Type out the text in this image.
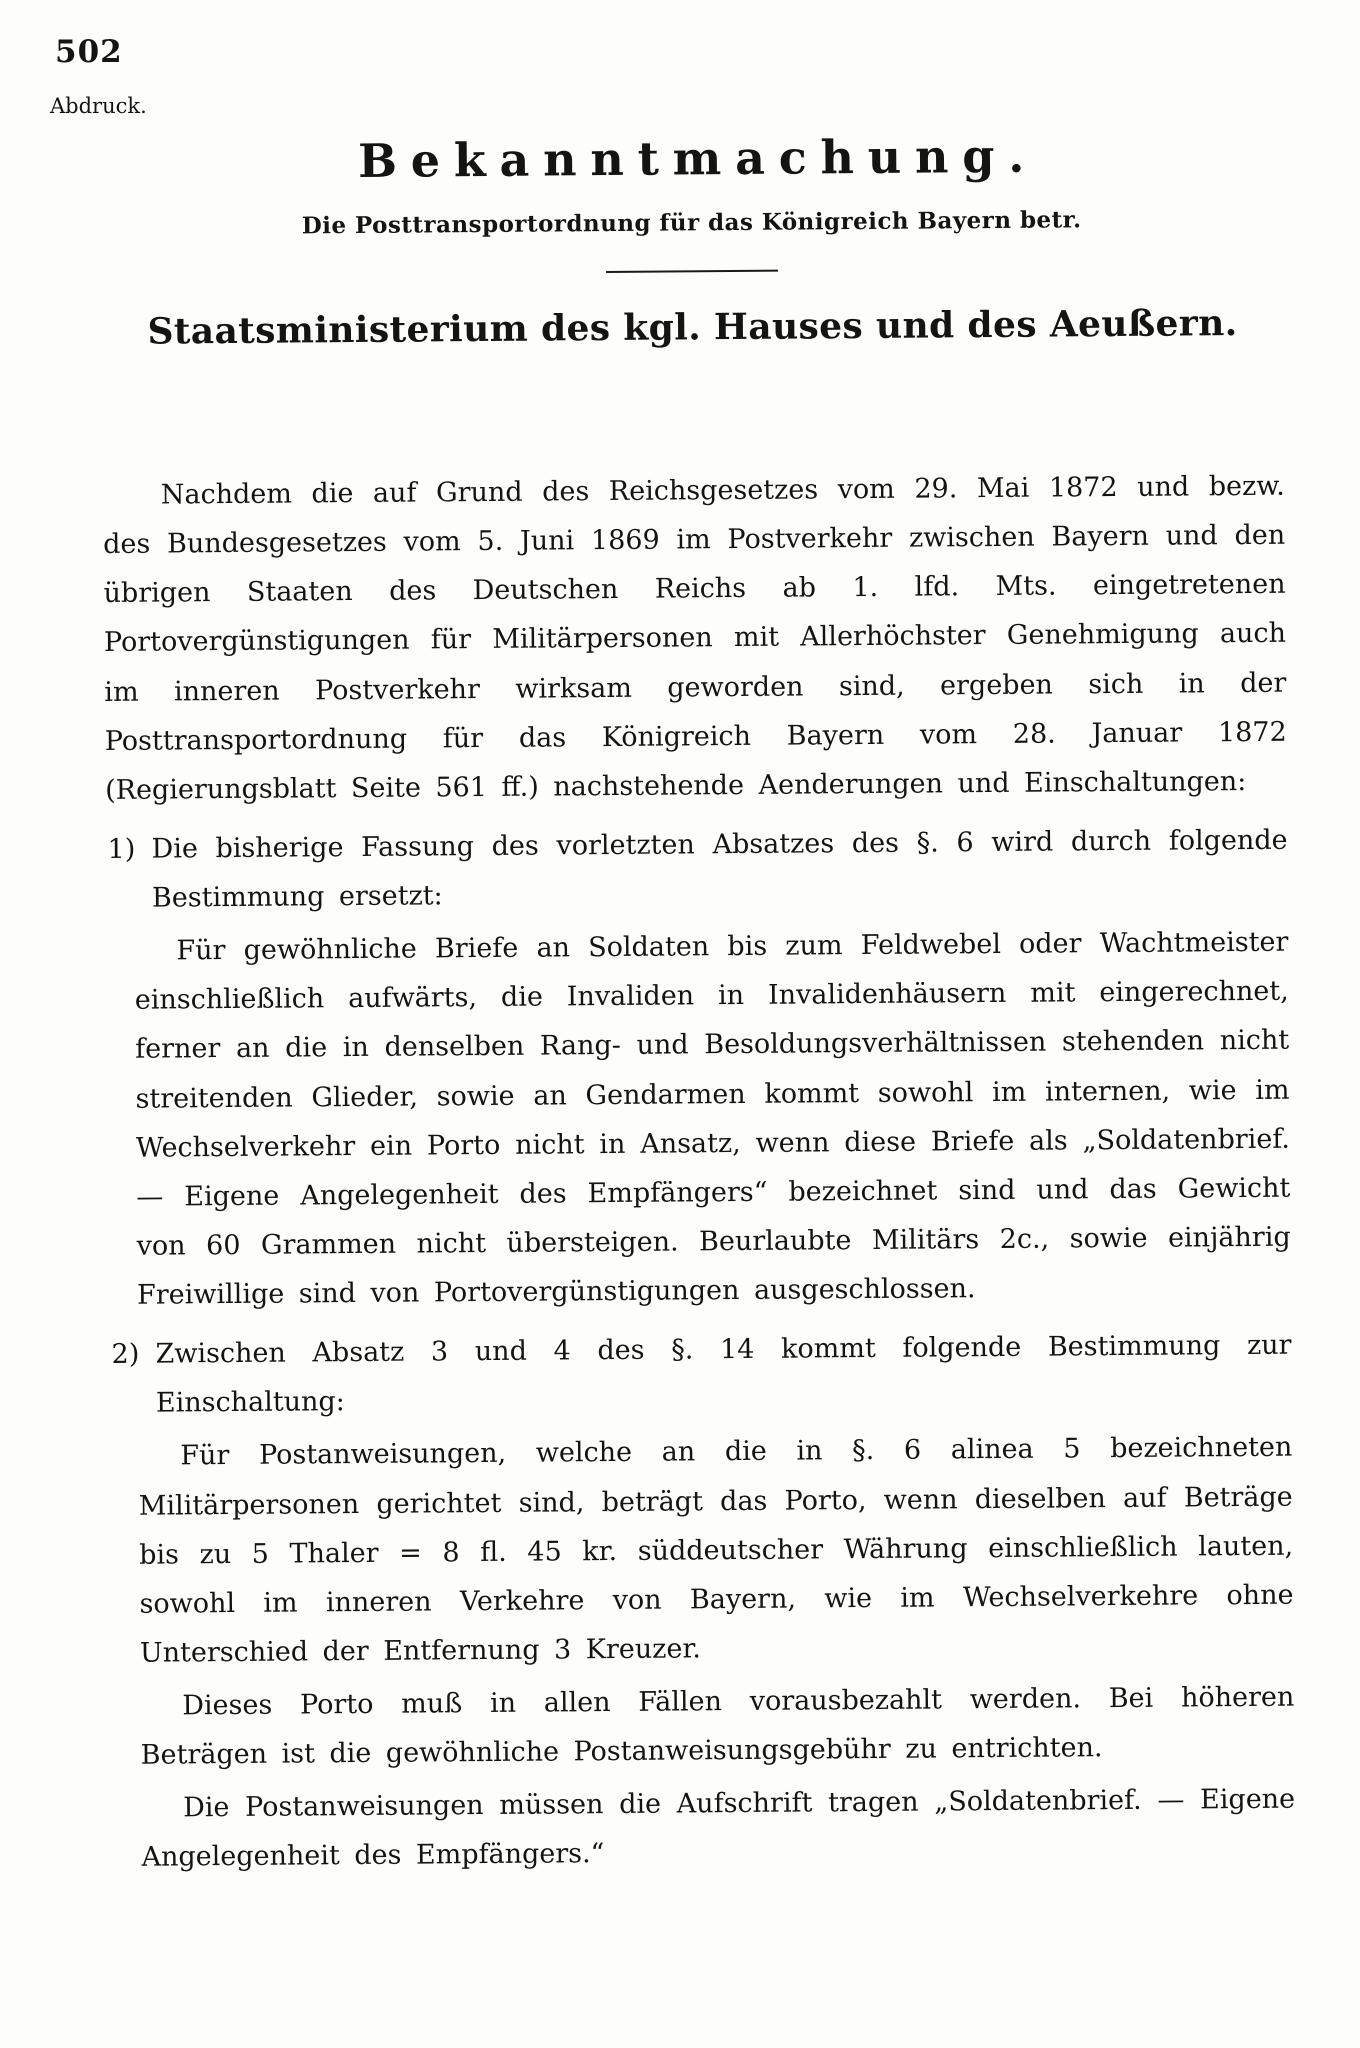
502
Abdruck.
Bekanntmachung.
Die Posttransportordnung für das Königreich Bayern betr.
Staatsministerium des kgl. Hauses und des Aeußern.

Nachdem die auf Grund des Reichsgesetzes vom 29. Mai 1872 und bezw. des Bundesgesetzes vom 5. Juni 1869 im Postverkehr zwischen Bayern und den übrigen Staaten des Deutschen Reichs ab 1. lfd. Mts. eingetretenen Portovergünstigungen für Militärpersonen mit Allerhöchster Genehmigung auch im inneren Postverkehr wirksam geworden sind, ergeben sich in der Posttransportordnung für das Königreich Bayern vom 28. Januar 1872 (Regierungsblatt Seite 561 ff.) nachstehende Aenderungen und Einschaltungen:

1) Die bisherige Fassung des vorletzten Absatzes des §. 6 wird durch folgende Bestimmung ersetzt:

Für gewöhnliche Briefe an Soldaten bis zum Feldwebel oder Wachtmeister einschließlich aufwärts, die Invaliden in Invalidenhäusern mit eingerechnet, ferner an die in denselben Rang- und Besoldungsverhältnissen stehenden nicht streitenden Glieder, sowie an Gendarmen kommt sowohl im internen, wie im Wechselverkehr ein Porto nicht in Ansatz, wenn diese Briefe als „Soldatenbrief. — Eigene Angelegenheit des Empfängers“ bezeichnet sind und das Gewicht von 60 Grammen nicht übersteigen. Beurlaubte Militärs 2c., sowie einjährig Freiwillige sind von Portovergünstigungen ausgeschlossen.

2) Zwischen Absatz 3 und 4 des §. 14 kommt folgende Bestimmung zur Einschaltung:

Für Postanweisungen, welche an die in §. 6 alinea 5 bezeichneten Militärpersonen gerichtet sind, beträgt das Porto, wenn dieselben auf Beträge bis zu 5 Thaler = 8 fl. 45 kr. süddeutscher Währung einschließlich lauten, sowohl im inneren Verkehre von Bayern, wie im Wechselverkehre ohne Unterschied der Entfernung 3 Kreuzer.

Dieses Porto muß in allen Fällen vorausbezahlt werden. Bei höheren Beträgen ist die gewöhnliche Postanweisungsgebühr zu entrichten.

Die Postanweisungen müssen die Aufschrift tragen „Soldatenbrief. — Eigene Angelegenheit des Empfängers.“
